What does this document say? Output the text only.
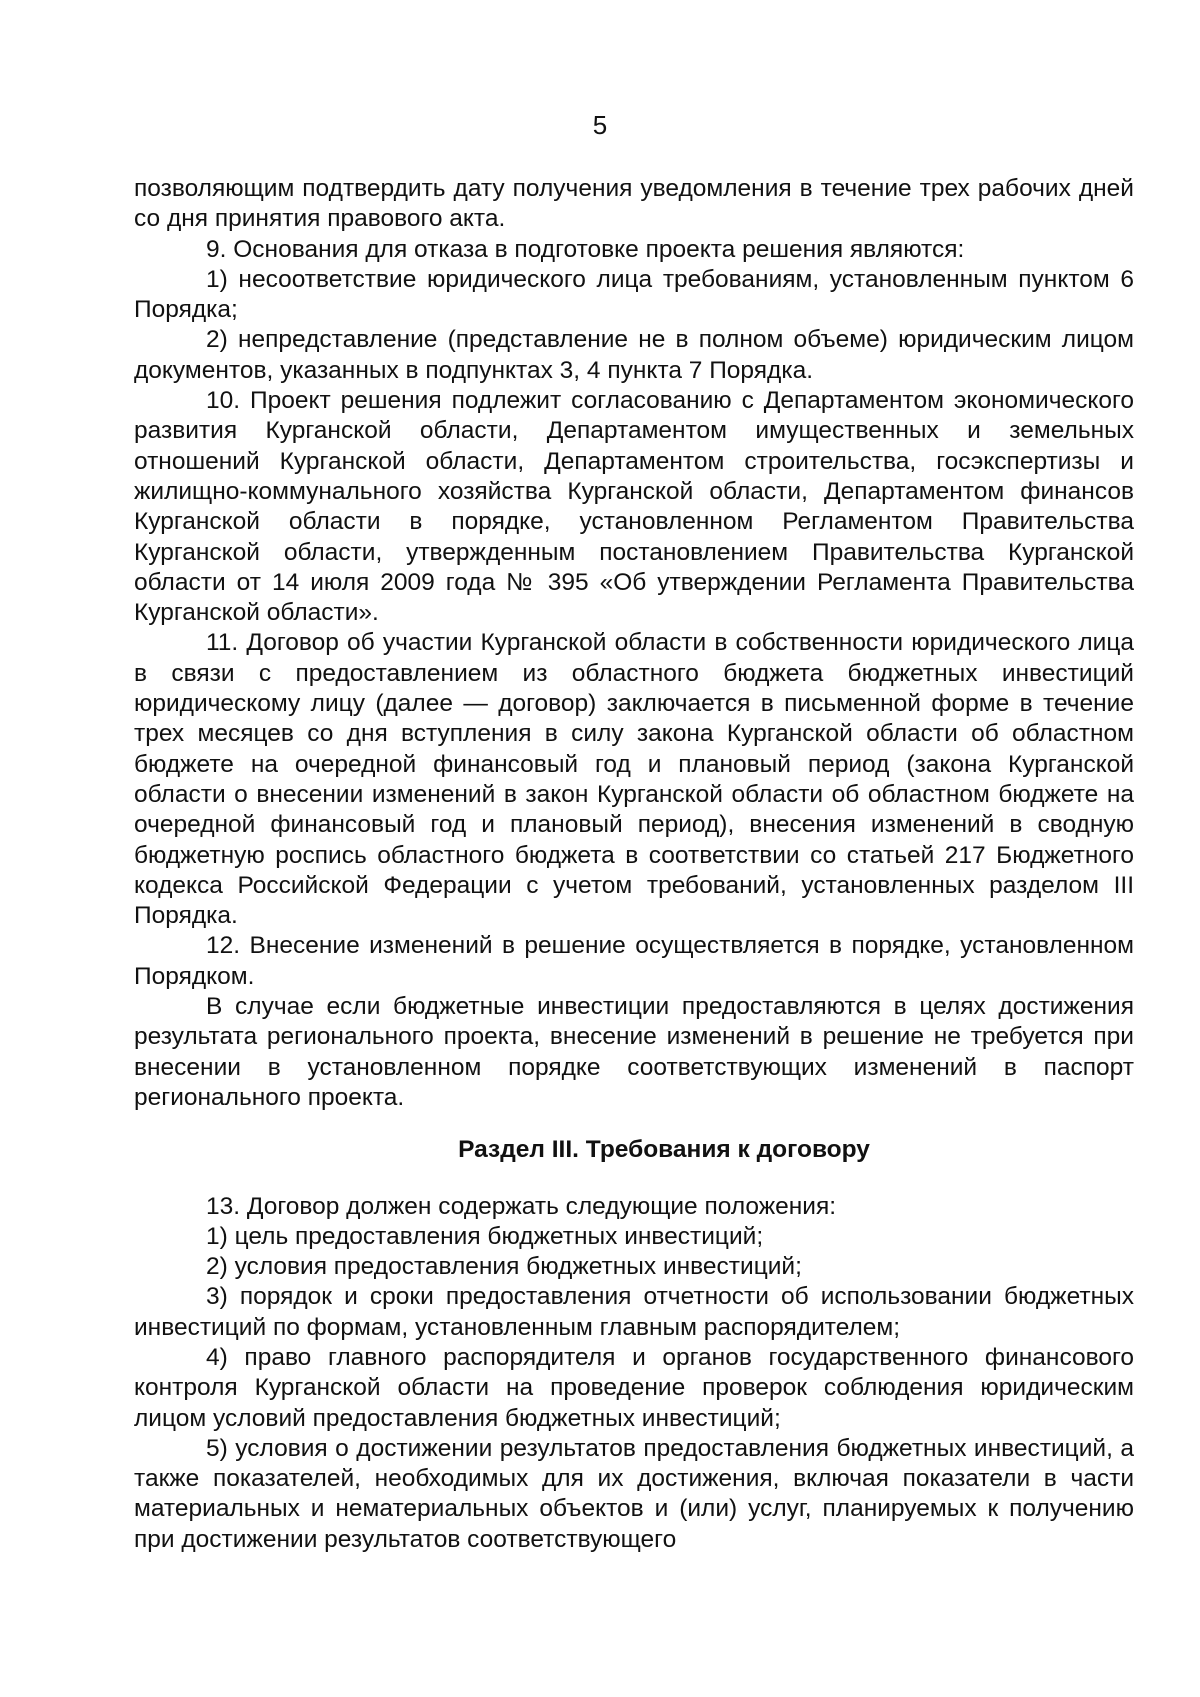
5

позволяющим подтвердить дату получения уведомления в течение трех рабочих дней со дня принятия правового акта.

9. Основания для отказа в подготовке проекта решения являются:

1) несоответствие юридического лица требованиям, установленным пунктом 6 Порядка;

2) непредставление (представление не в полном объеме) юридическим лицом документов, указанных в подпунктах 3, 4 пункта 7 Порядка.

10. Проект решения подлежит согласованию с Департаментом экономического развития Курганской области, Департаментом имущественных и земельных отношений Курганской области, Департаментом строительства, госэкспертизы и жилищно-коммунального хозяйства Курганской области, Департаментом финансов Курганской области в порядке, установленном Регламентом Правительства Курганской области, утвержденным постановлением Правительства Курганской области от 14 июля 2009 года № 395 «Об утверждении Регламента Правительства Курганской области».

11. Договор об участии Курганской области в собственности юридического лица в связи с предоставлением из областного бюджета бюджетных инвестиций юридическому лицу (далее — договор) заключается в письменной форме в течение трех месяцев со дня вступления в силу закона Курганской области об областном бюджете на очередной финансовый год и плановый период (закона Курганской области о внесении изменений в закон Курганской области об областном бюджете на очередной финансовый год и плановый период), внесения изменений в сводную бюджетную роспись областного бюджета в соответствии со статьей 217 Бюджетного кодекса Российской Федерации с учетом требований, установленных разделом III Порядка.

12. Внесение изменений в решение осуществляется в порядке, установленном Порядком.

В случае если бюджетные инвестиции предоставляются в целях достижения результата регионального проекта, внесение изменений в решение не требуется при внесении в установленном порядке соответствующих изменений в паспорт регионального проекта.

Раздел III. Требования к договору

13. Договор должен содержать следующие положения:

1) цель предоставления бюджетных инвестиций;

2) условия предоставления бюджетных инвестиций;

3) порядок и сроки предоставления отчетности об использовании бюджетных инвестиций по формам, установленным главным распорядителем;

4) право главного распорядителя и органов государственного финансового контроля Курганской области на проведение проверок соблюдения юридическим лицом условий предоставления бюджетных инвестиций;

5) условия о достижении результатов предоставления бюджетных инвестиций, а также показателей, необходимых для их достижения, включая показатели в части материальных и нематериальных объектов и (или) услуг, планируемых к получению при достижении результатов соответствующего
